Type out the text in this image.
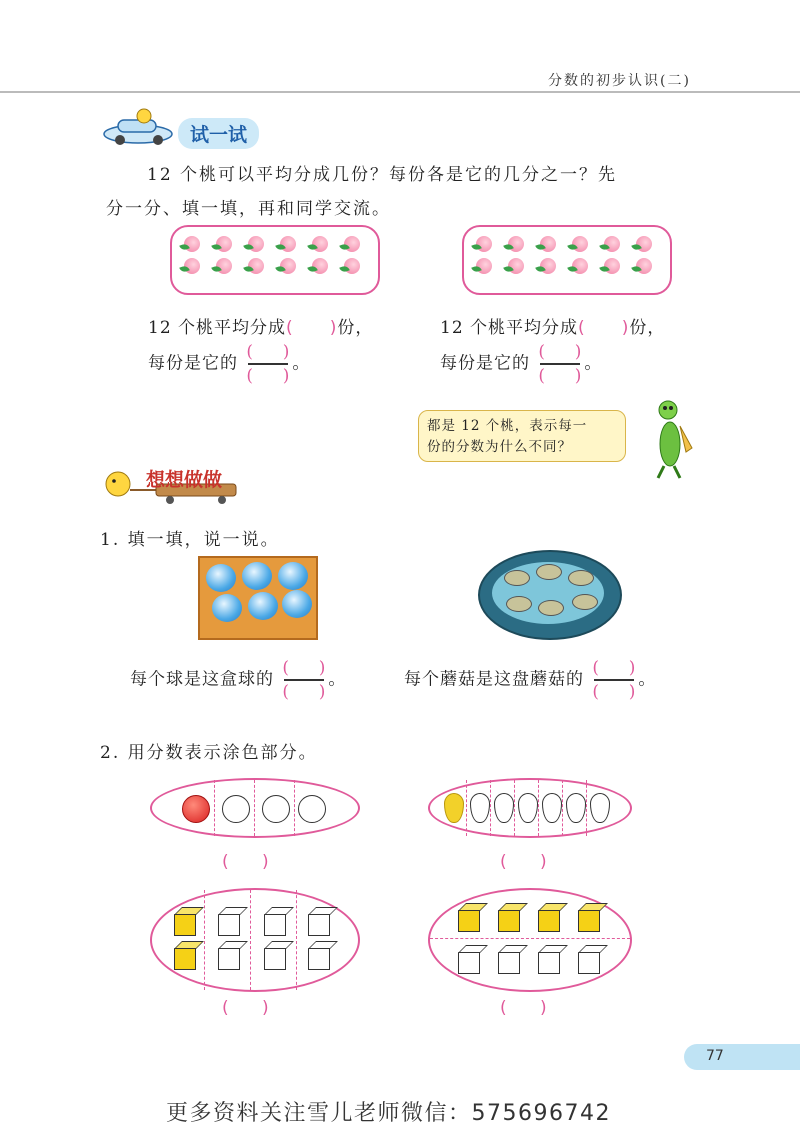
分数的初步认识(二)
试一试

12 个桃可以平均分成几份？每份各是它的几分之一？先

分一分、填一填，再和同学交流。

12 个桃平均分成( )份，
每份是它的 $\frac{( )}{( )}$ 。
12 个桃平均分成( )份，
每份是它的 $\frac{( )}{( )}$ 。
都是 12 个桃，表示每一
份的分数为什么不同？
想想做做

1. 填一填，说一说。

每个球是这盒球的 $\frac{( )}{( )}$ 。	每个蘑菇是这盘蘑菇的 $\frac{( )}{( )}$ 。

2. 用分数表示涂色部分。

( )	( )
( )	( )
77
更多资料关注雪儿老师微信：575696742
